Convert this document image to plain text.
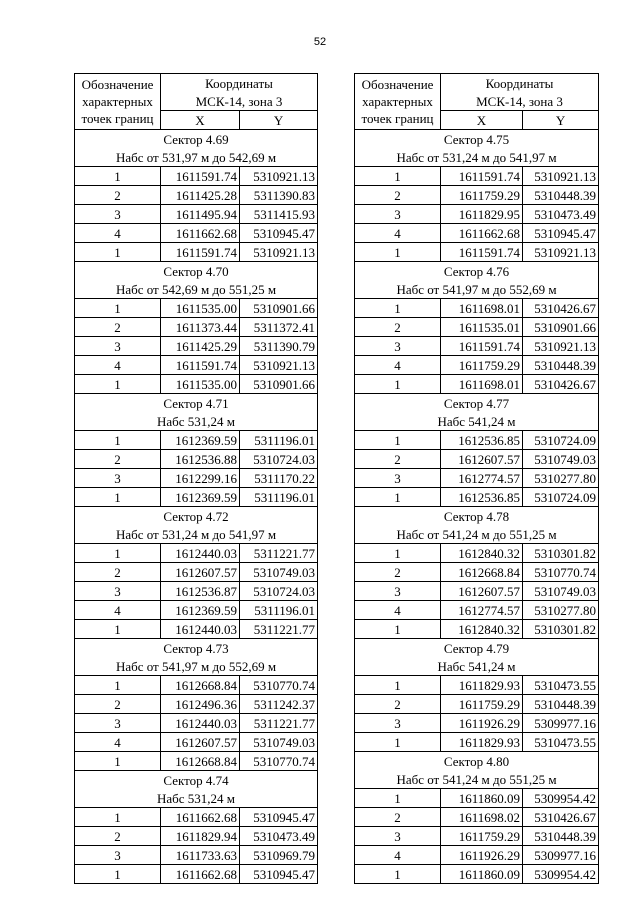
52
Обозначение
характерных
точек границ	Координаты	
	МСК-14, зона 3	
	X	Y
Сектор 4.69		
Набс от 531,97 м до 542,69 м		
1	1611591.74	5310921.13
2	1611425.28	5311390.83
3	1611495.94	5311415.93
4	1611662.68	5310945.47
1	1611591.74	5310921.13
Сектор 4.70		
Набс от 542,69 м до 551,25 м		
1	1611535.00	5310901.66
2	1611373.44	5311372.41
3	1611425.29	5311390.79
4	1611591.74	5310921.13
1	1611535.00	5310901.66
Сектор 4.71		
Набс 531,24 м		
1	1612369.59	5311196.01
2	1612536.88	5310724.03
3	1612299.16	5311170.22
1	1612369.59	5311196.01
Сектор 4.72		
Набс от 531,24 м до 541,97 м		
1	1612440.03	5311221.77
2	1612607.57	5310749.03
3	1612536.87	5310724.03
4	1612369.59	5311196.01
1	1612440.03	5311221.77
Сектор 4.73		
Набс от 541,97 м до 552,69 м		
1	1612668.84	5310770.74
2	1612496.36	5311242.37
3	1612440.03	5311221.77
4	1612607.57	5310749.03
1	1612668.84	5310770.74
Сектор 4.74		
Набс 531,24 м		
1	1611662.68	5310945.47
2	1611829.94	5310473.49
3	1611733.63	5310969.79
1	1611662.68	5310945.47
Обозначение
характерных
точек границ	Координаты	
	МСК-14, зона 3	
	X	Y
Сектор 4.75		
Набс от 531,24 м до 541,97 м		
1	1611591.74	5310921.13
2	1611759.29	5310448.39
3	1611829.95	5310473.49
4	1611662.68	5310945.47
1	1611591.74	5310921.13
Сектор 4.76		
Набс от 541,97 м до 552,69 м		
1	1611698.01	5310426.67
2	1611535.01	5310901.66
3	1611591.74	5310921.13
4	1611759.29	5310448.39
1	1611698.01	5310426.67
Сектор 4.77		
Набс 541,24 м		
1	1612536.85	5310724.09
2	1612607.57	5310749.03
3	1612774.57	5310277.80
1	1612536.85	5310724.09
Сектор 4.78		
Набс от 541,24 м до 551,25 м		
1	1612840.32	5310301.82
2	1612668.84	5310770.74
3	1612607.57	5310749.03
4	1612774.57	5310277.80
1	1612840.32	5310301.82
Сектор 4.79		
Набс 541,24 м		
1	1611829.93	5310473.55
2	1611759.29	5310448.39
3	1611926.29	5309977.16
1	1611829.93	5310473.55
Сектор 4.80		
Набс от 541,24 м до 551,25 м		
1	1611860.09	5309954.42
2	1611698.02	5310426.67
3	1611759.29	5310448.39
4	1611926.29	5309977.16
1	1611860.09	5309954.42
